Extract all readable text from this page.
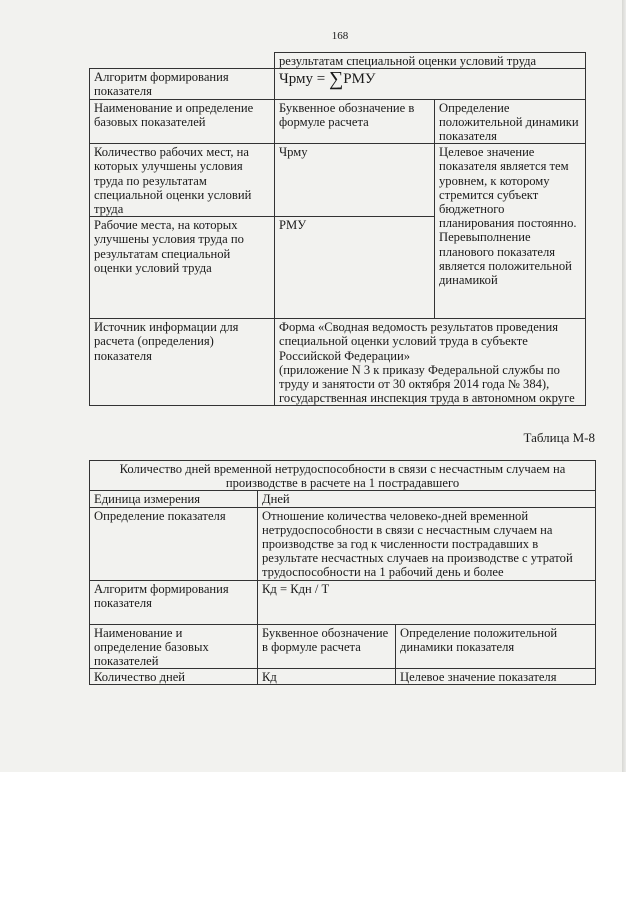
168
	результатам специальной оценки условий труда	
Алгоритм формирования показателя	Чрму = ∑РМУ	
Наименование и определение базовых показателей	Буквенное обозначение в формуле расчета	Определение положительной динамики показателя
Количество рабочих мест, на которых улучшены условия труда по результатам специальной оценки условий труда	Чрму	Целевое значение показателя является тем уровнем, к которому стремится субъект бюджетного планирования постоянно. Перевыполнение планового показателя является положительной динамикой
Рабочие места, на которых улучшены условия труда по результатам специальной оценки условий труда	РМУ	
Источник информации для расчета (определения) показателя	Форма «Сводная ведомость результатов проведения специальной оценки условий труда в субъекте Российской Федерации»
(приложение N 3 к приказу Федеральной службы по труду и занятости от 30 октября 2014 года № 384), государственная инспекция труда в автономном округе	
Таблица М-8
Количество дней временной нетрудоспособности в связи с несчастным случаем на производстве в расчете на 1 пострадавшего		
Единица измерения	Дней	
Определение показателя	Отношение количества человеко-дней временной нетрудоспособности в связи с несчастным случаем на производстве за год к численности пострадавших в результате несчастных случаев на производстве с утратой трудоспособности на 1 рабочий день и более	
Алгоритм формирования показателя	Кд = Кдн / Т	
Наименование и определение базовых показателей	Буквенное обозначение в формуле расчета	Определение положительной динамики показателя
Количество дней	Кд	Целевое значение показателя
